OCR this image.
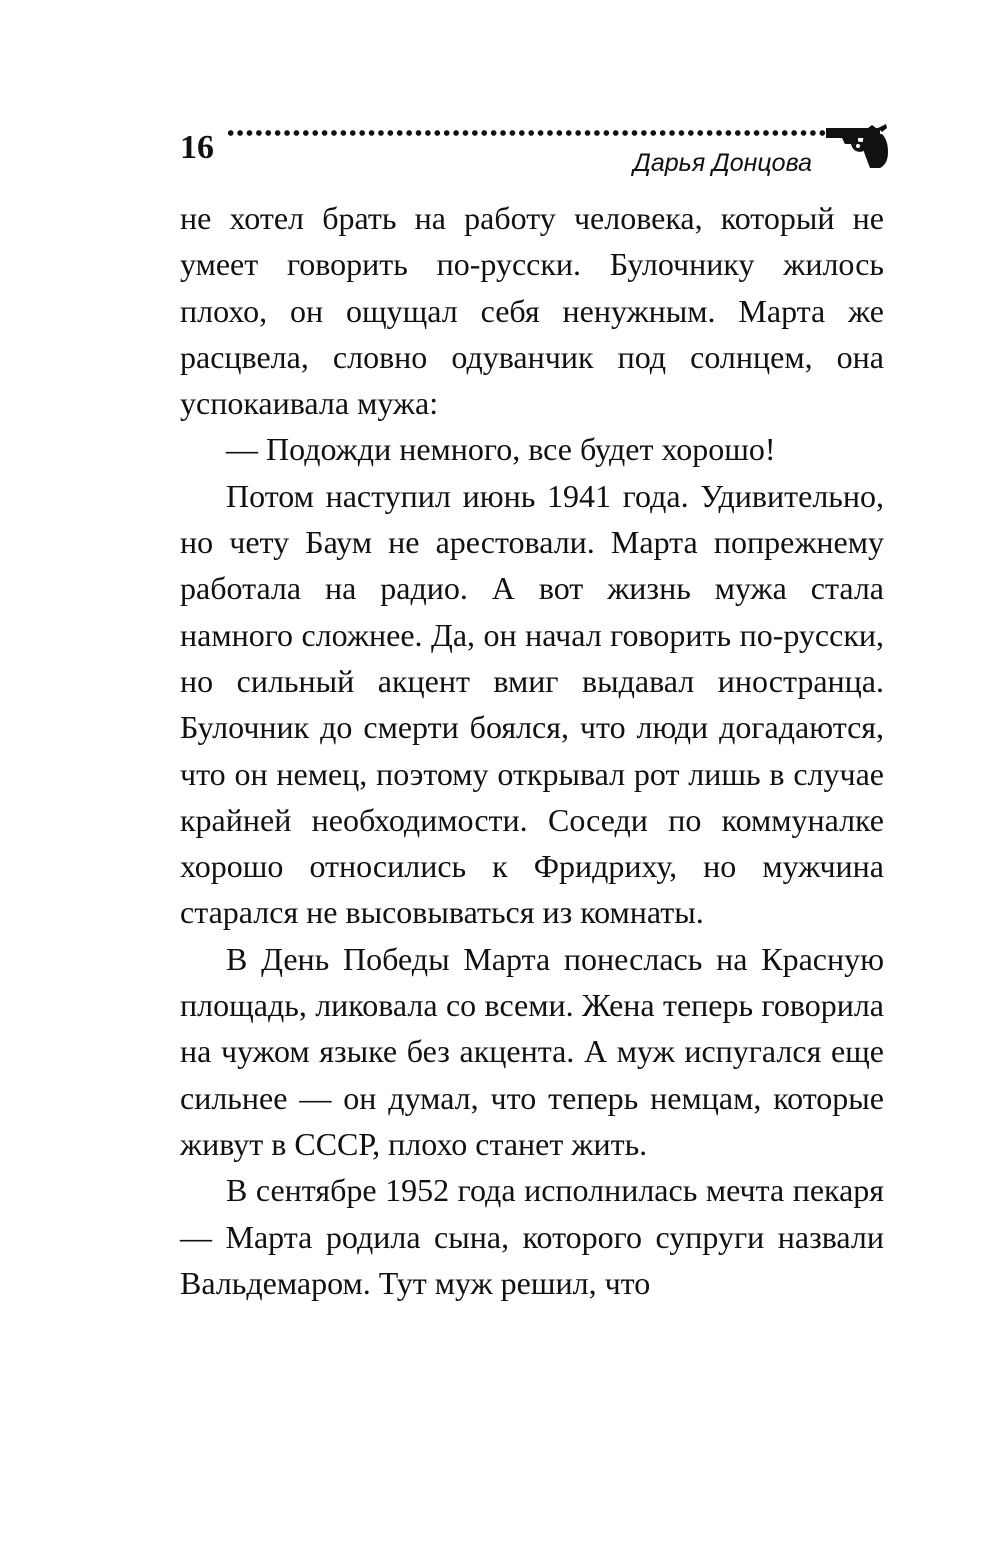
16	Дарья Донцова

не хотел брать на работу человека, который не умеет говорить по-русски. Булочнику жилось плохо, он ощущал себя ненужным. Марта же расцвела, словно одуванчик под солнцем, она успокаивала мужа:

— Подожди немного, все будет хорошо!

Потом наступил июнь 1941 года. Удивительно, но чету Баум не арестовали. Марта попрежнему работала на радио. А вот жизнь мужа стала намного сложнее. Да, он начал говорить по-русски, но сильный акцент вмиг выдавал иностранца. Булочник до смерти боялся, что люди догадаются, что он немец, поэтому открывал рот лишь в случае крайней необходимости. Соседи по коммуналке хорошо относились к Фридриху, но мужчина старался не высовываться из комнаты.

В День Победы Марта понеслась на Красную площадь, ликовала со всеми. Жена теперь говорила на чужом языке без акцента. А муж испугался еще сильнее — он думал, что теперь немцам, которые живут в СССР, плохо станет жить.

В сентябре 1952 года исполнилась мечта пекаря — Марта родила сына, которого супруги назвали Вальдемаром. Тут муж решил, что
